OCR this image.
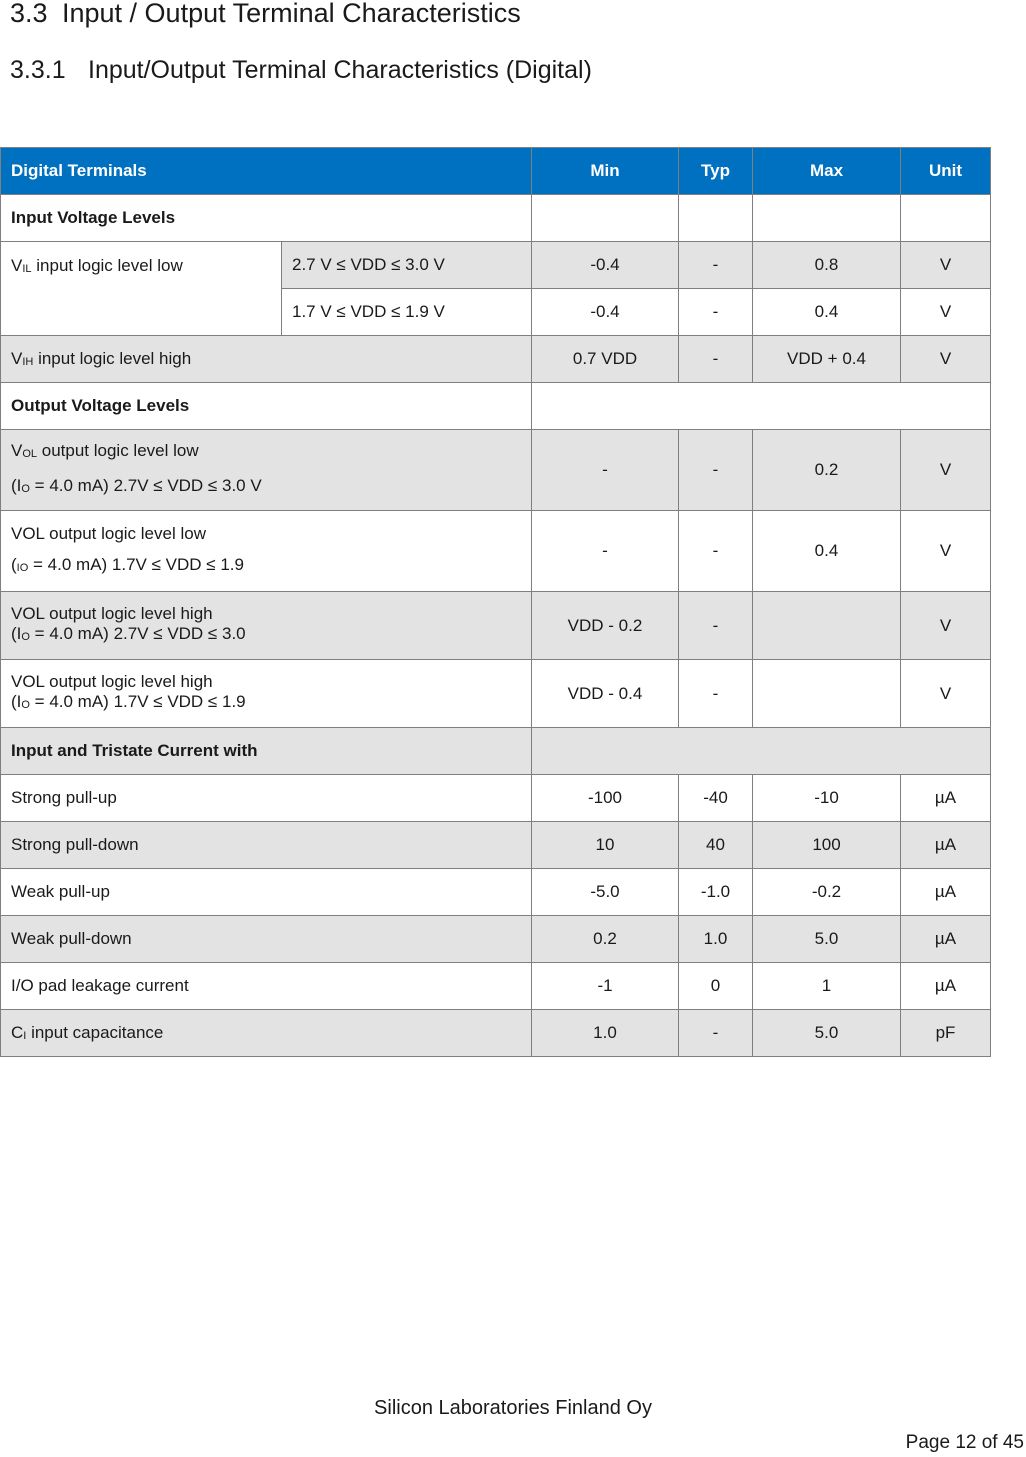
3.3 Input / Output Terminal Characteristics
3.3.1 Input/Output Terminal Characteristics (Digital)
Digital Terminals		Min	Typ	Max	Unit
Input Voltage Levels					
$V_{IL}$ input logic level low	2.7 V ≤ VDD ≤ 3.0 V	-0.4	-	0.8	V
	1.7 V ≤ VDD ≤ 1.9 V	-0.4	-	0.4	V
$V_{IH}$ input logic level high		0.7 VDD	-	VDD + 0.4	V
Output Voltage Levels					

$V_{OL}$ output logic level low
($I_O = 4.0$ mA) 2.7V ≤ VDD ≤ 3.0 V		-	-	0.2	V

VOL output logic level low
($_{IO} = 4.0$ mA) 1.7V ≤ VDD ≤ 1.9		-	-	0.4	V

VOL output logic level high
($I_O = 4.0$ mA) 2.7V ≤ VDD ≤ 3.0		VDD - 0.2	-		V

VOL output logic level high
($I_O = 4.0$ mA) 1.7V ≤ VDD ≤ 1.9		VDD - 0.4	-		V
Input and Tristate Current with					
Strong pull-up		-100	-40	-10	µA
Strong pull-down		10	40	100	µA
Weak pull-up		-5.0	-1.0	-0.2	µA
Weak pull-down		0.2	1.0	5.0	µA
I/O pad leakage current		-1	0	1	µA
$C_I$ input capacitance		1.0	-	5.0	pF
Silicon Laboratories Finland Oy
Page 12 of 45
